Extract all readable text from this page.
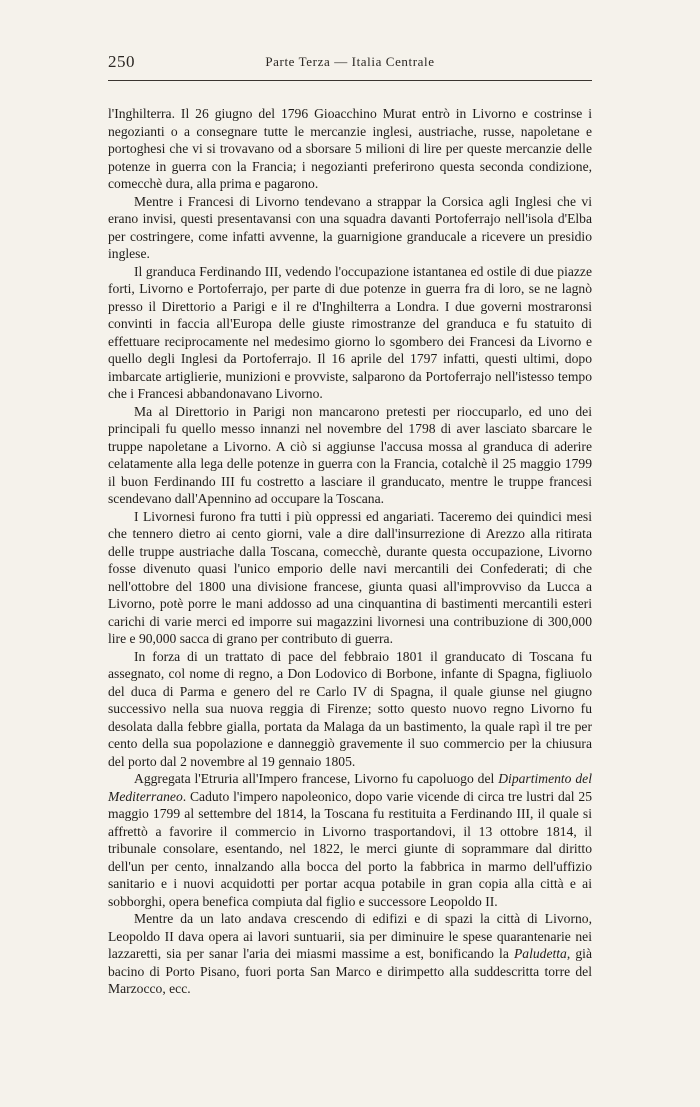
250	Parte Terza — Italia Centrale

l'Inghilterra. Il 26 giugno del 1796 Gioacchino Murat entrò in Livorno e costrinse i negozianti o a consegnare tutte le mercanzie inglesi, austriache, russe, napoletane e portoghesi che vi si trovavano od a sborsare 5 milioni di lire per queste mercanzie delle potenze in guerra con la Francia; i negozianti preferirono questa seconda condizione, comecchè dura, alla prima e pagarono.

Mentre i Francesi di Livorno tendevano a strappar la Corsica agli Inglesi che vi erano invisi, questi presentavansi con una squadra davanti Portoferrajo nell'isola d'Elba per costringere, come infatti avvenne, la guarnigione granducale a ricevere un presidio inglese.

Il granduca Ferdinando III, vedendo l'occupazione istantanea ed ostile di due piazze forti, Livorno e Portoferrajo, per parte di due potenze in guerra fra di loro, se ne lagnò presso il Direttorio a Parigi e il re d'Inghilterra a Londra. I due governi mostraronsi convinti in faccia all'Europa delle giuste rimostranze del granduca e fu statuito di effettuare reciprocamente nel medesimo giorno lo sgombero dei Francesi da Livorno e quello degli Inglesi da Portoferrajo. Il 16 aprile del 1797 infatti, questi ultimi, dopo imbarcate artiglierie, munizioni e provviste, salparono da Portoferrajo nell'istesso tempo che i Francesi abbandonavano Livorno.

Ma al Direttorio in Parigi non mancarono pretesti per rioccuparlo, ed uno dei principali fu quello messo innanzi nel novembre del 1798 di aver lasciato sbarcare le truppe napoletane a Livorno. A ciò si aggiunse l'accusa mossa al granduca di aderire celatamente alla lega delle potenze in guerra con la Francia, cotalchè il 25 maggio 1799 il buon Ferdinando III fu costretto a lasciare il granducato, mentre le truppe francesi scendevano dall'Apennino ad occupare la Toscana.

I Livornesi furono fra tutti i più oppressi ed angariati. Taceremo dei quindici mesi che tennero dietro ai cento giorni, vale a dire dall'insurrezione di Arezzo alla ritirata delle truppe austriache dalla Toscana, comecchè, durante questa occupazione, Livorno fosse divenuto quasi l'unico emporio delle navi mercantili dei Confederati; di che nell'ottobre del 1800 una divisione francese, giunta quasi all'improvviso da Lucca a Livorno, potè porre le mani addosso ad una cinquantina di bastimenti mercantili esteri carichi di varie merci ed imporre sui magazzini livornesi una contribuzione di 300,000 lire e 90,000 sacca di grano per contributo di guerra.

In forza di un trattato di pace del febbraio 1801 il granducato di Toscana fu assegnato, col nome di regno, a Don Lodovico di Borbone, infante di Spagna, figliuolo del duca di Parma e genero del re Carlo IV di Spagna, il quale giunse nel giugno successivo nella sua nuova reggia di Firenze; sotto questo nuovo regno Livorno fu desolata dalla febbre gialla, portata da Malaga da un bastimento, la quale rapì il tre per cento della sua popolazione e danneggiò gravemente il suo commercio per la chiusura del porto dal 2 novembre al 19 gennaio 1805.

Aggregata l'Etruria all'Impero francese, Livorno fu capoluogo del Dipartimento del Mediterraneo. Caduto l'impero napoleonico, dopo varie vicende di circa tre lustri dal 25 maggio 1799 al settembre del 1814, la Toscana fu restituita a Ferdinando III, il quale si affrettò a favorire il commercio in Livorno trasportandovi, il 13 ottobre 1814, il tribunale consolare, esentando, nel 1822, le merci giunte di soprammare dal diritto dell'un per cento, innalzando alla bocca del porto la fabbrica in marmo dell'uffizio sanitario e i nuovi acquidotti per portar acqua potabile in gran copia alla città e ai sobborghi, opera benefica compiuta dal figlio e successore Leopoldo II.

Mentre da un lato andava crescendo di edifizi e di spazi la città di Livorno, Leopoldo II dava opera ai lavori suntuarii, sia per diminuire le spese quarantenarie nei lazzaretti, sia per sanar l'aria dei miasmi massime a est, bonificando la Paludetta, già bacino di Porto Pisano, fuori porta San Marco e dirimpetto alla suddescritta torre del Marzocco, ecc.
